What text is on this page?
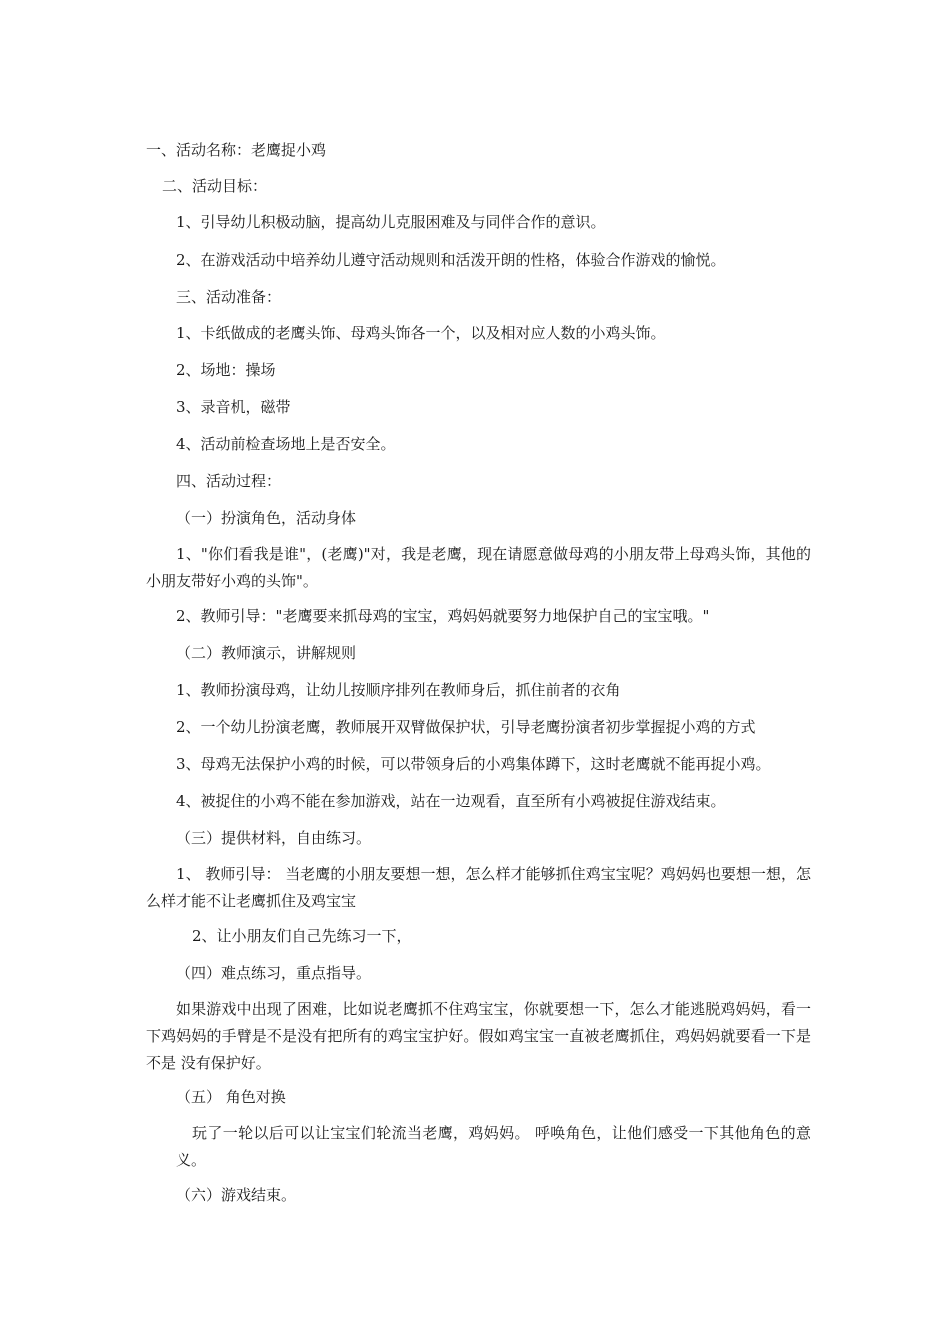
一、活动名称：老鹰捉小鸡

二、活动目标：

1、引导幼儿积极动脑，提高幼儿克服困难及与同伴合作的意识。

2、在游戏活动中培养幼儿遵守活动规则和活泼开朗的性格，体验合作游戏的愉悦。

三、活动准备：

1、卡纸做成的老鹰头饰、母鸡头饰各一个，以及相对应人数的小鸡头饰。

2、场地：操场

3、录音机，磁带

4、活动前检查场地上是否安全。

四、活动过程：

（一）扮演角色，活动身体

1、"你们看我是谁"，(老鹰)"对，我是老鹰，现在请愿意做母鸡的小朋友带上母鸡头饰，其他的小朋友带好小鸡的头饰"。

2、教师引导："老鹰要来抓母鸡的宝宝，鸡妈妈就要努力地保护自己的宝宝哦。"

（二）教师演示，讲解规则

1、教师扮演母鸡，让幼儿按顺序排列在教师身后，抓住前者的衣角

2、一个幼儿扮演老鹰，教师展开双臂做保护状，引导老鹰扮演者初步掌握捉小鸡的方式

3、母鸡无法保护小鸡的时候，可以带领身后的小鸡集体蹲下，这时老鹰就不能再捉小鸡。

4、被捉住的小鸡不能在参加游戏，站在一边观看，直至所有小鸡被捉住游戏结束。

（三）提供材料，自由练习。

1、 教师引导： 当老鹰的小朋友要想一想，怎么样才能够抓住鸡宝宝呢？鸡妈妈也要想一想，怎么样才能不让老鹰抓住及鸡宝宝

2、让小朋友们自己先练习一下，

（四）难点练习，重点指导。

如果游戏中出现了困难，比如说老鹰抓不住鸡宝宝，你就要想一下，怎么才能逃脱鸡妈妈，看一下鸡妈妈的手臂是不是没有把所有的鸡宝宝护好。假如鸡宝宝一直被老鹰抓住，鸡妈妈就要看一下是不是 没有保护好。

（五） 角色对换

玩了一轮以后可以让宝宝们轮流当老鹰，鸡妈妈。 呼唤角色，让他们感受一下其他角色的意义。

（六）游戏结束。
